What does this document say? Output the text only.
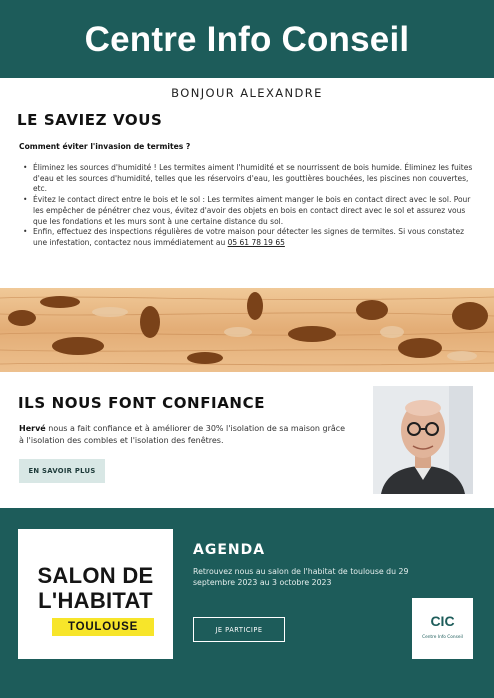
Centre Info Conseil
BONJOUR ALEXANDRE
LE SAVIEZ VOUS
Comment éviter l'invasion de termites ?
• Éliminez les sources d'humidité ! Les termites aiment l'humidité et se nourrissent de bois humide. Éliminez les fuites d'eau et les sources d'humidité, telles que les réservoirs d'eau, les gouttières bouchées, les piscines non couvertes, etc.
• Évitez le contact direct entre le bois et le sol : Les termites aiment manger le bois en contact direct avec le sol. Pour les empêcher de pénétrer chez vous, évitez d'avoir des objets en bois en contact direct avec le sol et assurez vous que les fondations et les murs sont à une certaine distance du sol.
• Enfin, effectuez des inspections régulières de votre maison pour détecter les signes de termites. Si vous constatez une infestation, contactez nous immédiatement au 05 61 78 19 65
ILS NOUS FONT CONFIANCE
Hervé nous a fait confiance et à améliorer de 30% l'isolation de sa maison grâce à l'isolation des combles et l'isolation des fenêtres.
EN SAVOIR PLUS
SALON DE
L'HABITAT
TOULOUSE
AGENDA
Retrouvez nous au salon de l'habitat de toulouse du 29 septembre 2023 au 3 octobre 2023
JE PARTICIPE
CIC
Centre Info Conseil
